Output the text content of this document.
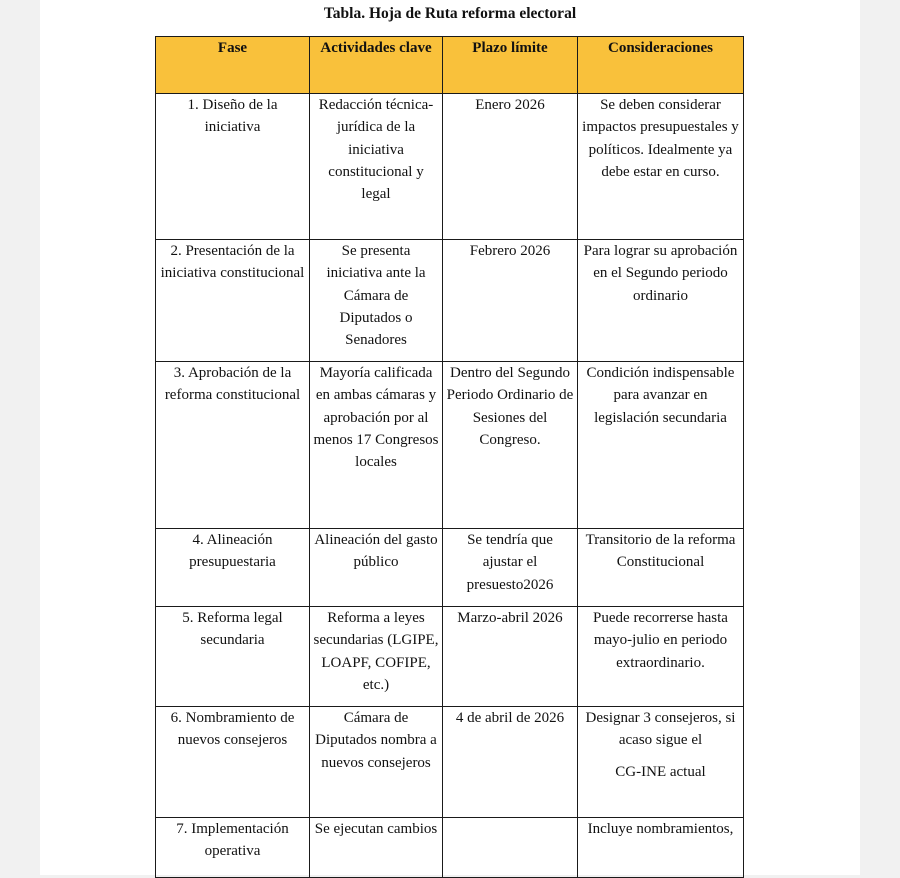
Tabla. Hoja de Ruta reforma electoral
Fase	Actividades clave	Plazo límite	Consideraciones
1. Diseño de la iniciativa	Redacción técnica-jurídica de la iniciativa constitucional y legal	Enero 2026	Se deben considerar impactos presupuestales y políticos. Idealmente ya debe estar en curso.
2. Presentación de la iniciativa constitucional	Se presenta iniciativa ante la Cámara de Diputados o Senadores	Febrero 2026	Para lograr su aprobación en el Segundo periodo ordinario
3. Aprobación de la reforma constitucional	Mayoría calificada en ambas cámaras y aprobación por al menos 17 Congresos locales	Dentro del Segundo Periodo Ordinario de Sesiones del Congreso.	Condición indispensable para avanzar en legislación secundaria
4. Alineación presupuestaria	Alineación del gasto público	Se tendría que ajustar el presuesto2026	Transitorio de la reforma Constitucional
5. Reforma legal secundaria	Reforma a leyes secundarias (LGIPE, LOAPF, COFIPE, etc.)	Marzo-abril 2026	Puede recorrerse hasta mayo-julio en periodo extraordinario.
6. Nombramiento de nuevos consejeros	Cámara de Diputados nombra a nuevos consejeros	4 de abril de 2026	Designar 3 consejeros, si acaso sigue el
CG-INE actual

7. Implementación operativa	Se ejecutan cambios		Incluye nombramientos,
